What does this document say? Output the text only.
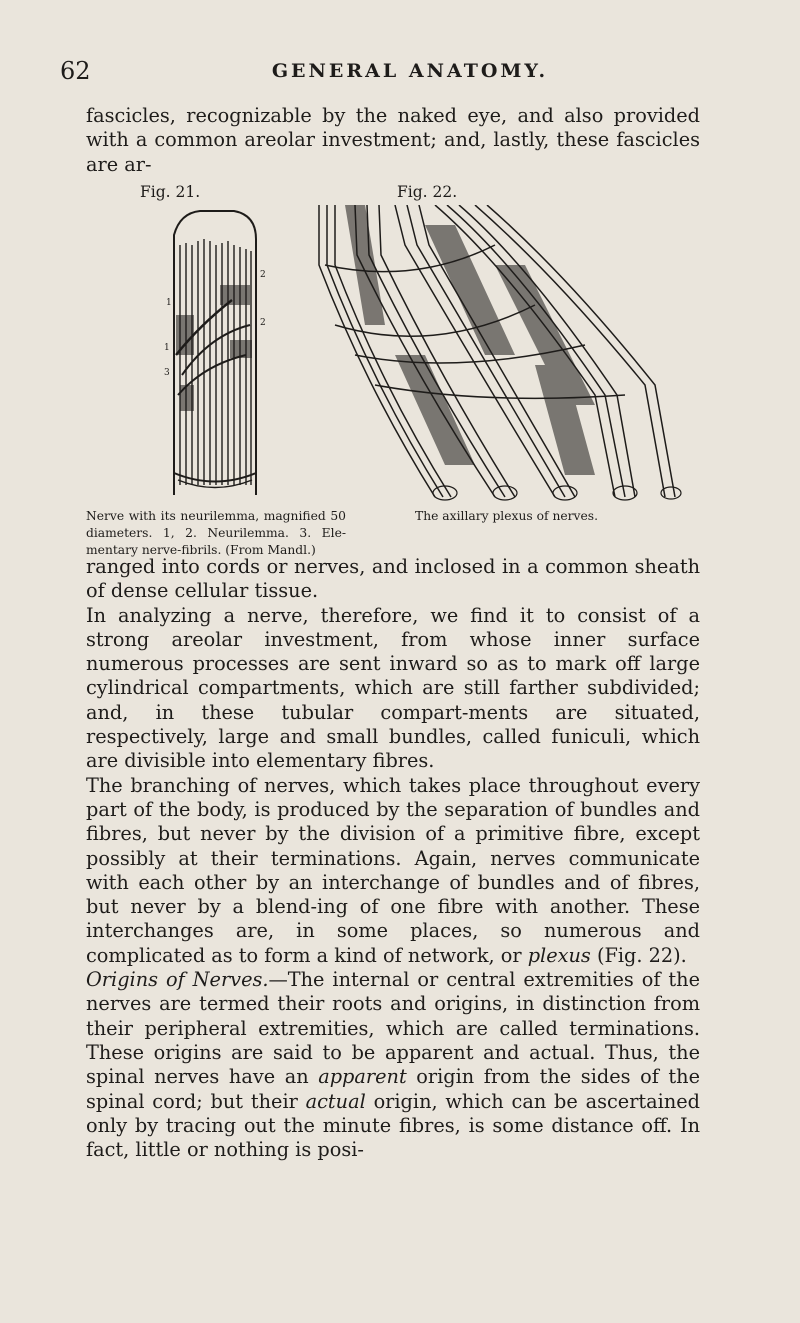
62	GENERAL ANATOMY.

fascicles, recognizable by the naked eye, and also provided with a common areolar investment; and, lastly, these fascicles are ar-

Fig. 21.	Fig. 22.
2
1
2
1
3
Nerve with its neurilemma, magnified 50 diameters. 1, 2. Neurilemma. 3. Ele-mentary nerve-fibrils. (From Mandl.)
The axillary plexus of nerves.

ranged into cords or nerves, and inclosed in a common sheath of dense cellular tissue.

In analyzing a nerve, therefore, we find it to consist of a strong areolar investment, from whose inner surface numerous processes are sent inward so as to mark off large cylindrical compartments, which are still farther subdivided; and, in these tubular compart-ments are situated, respectively, large and small bundles, called funiculi, which are divisible into elementary fibres.

The branching of nerves, which takes place throughout every part of the body, is produced by the separation of bundles and fibres, but never by the division of a primitive fibre, except possibly at their terminations. Again, nerves communicate with each other by an interchange of bundles and of fibres, but never by a blend-ing of one fibre with another. These interchanges are, in some places, so numerous and complicated as to form a kind of network, or plexus (Fig. 22).

Origins of Nerves.—The internal or central extremities of the nerves are termed their roots and origins, in distinction from their peripheral extremities, which are called terminations. These origins are said to be apparent and actual. Thus, the spinal nerves have an apparent origin from the sides of the spinal cord; but their actual origin, which can be ascertained only by tracing out the minute fibres, is some distance off. In fact, little or nothing is posi-
